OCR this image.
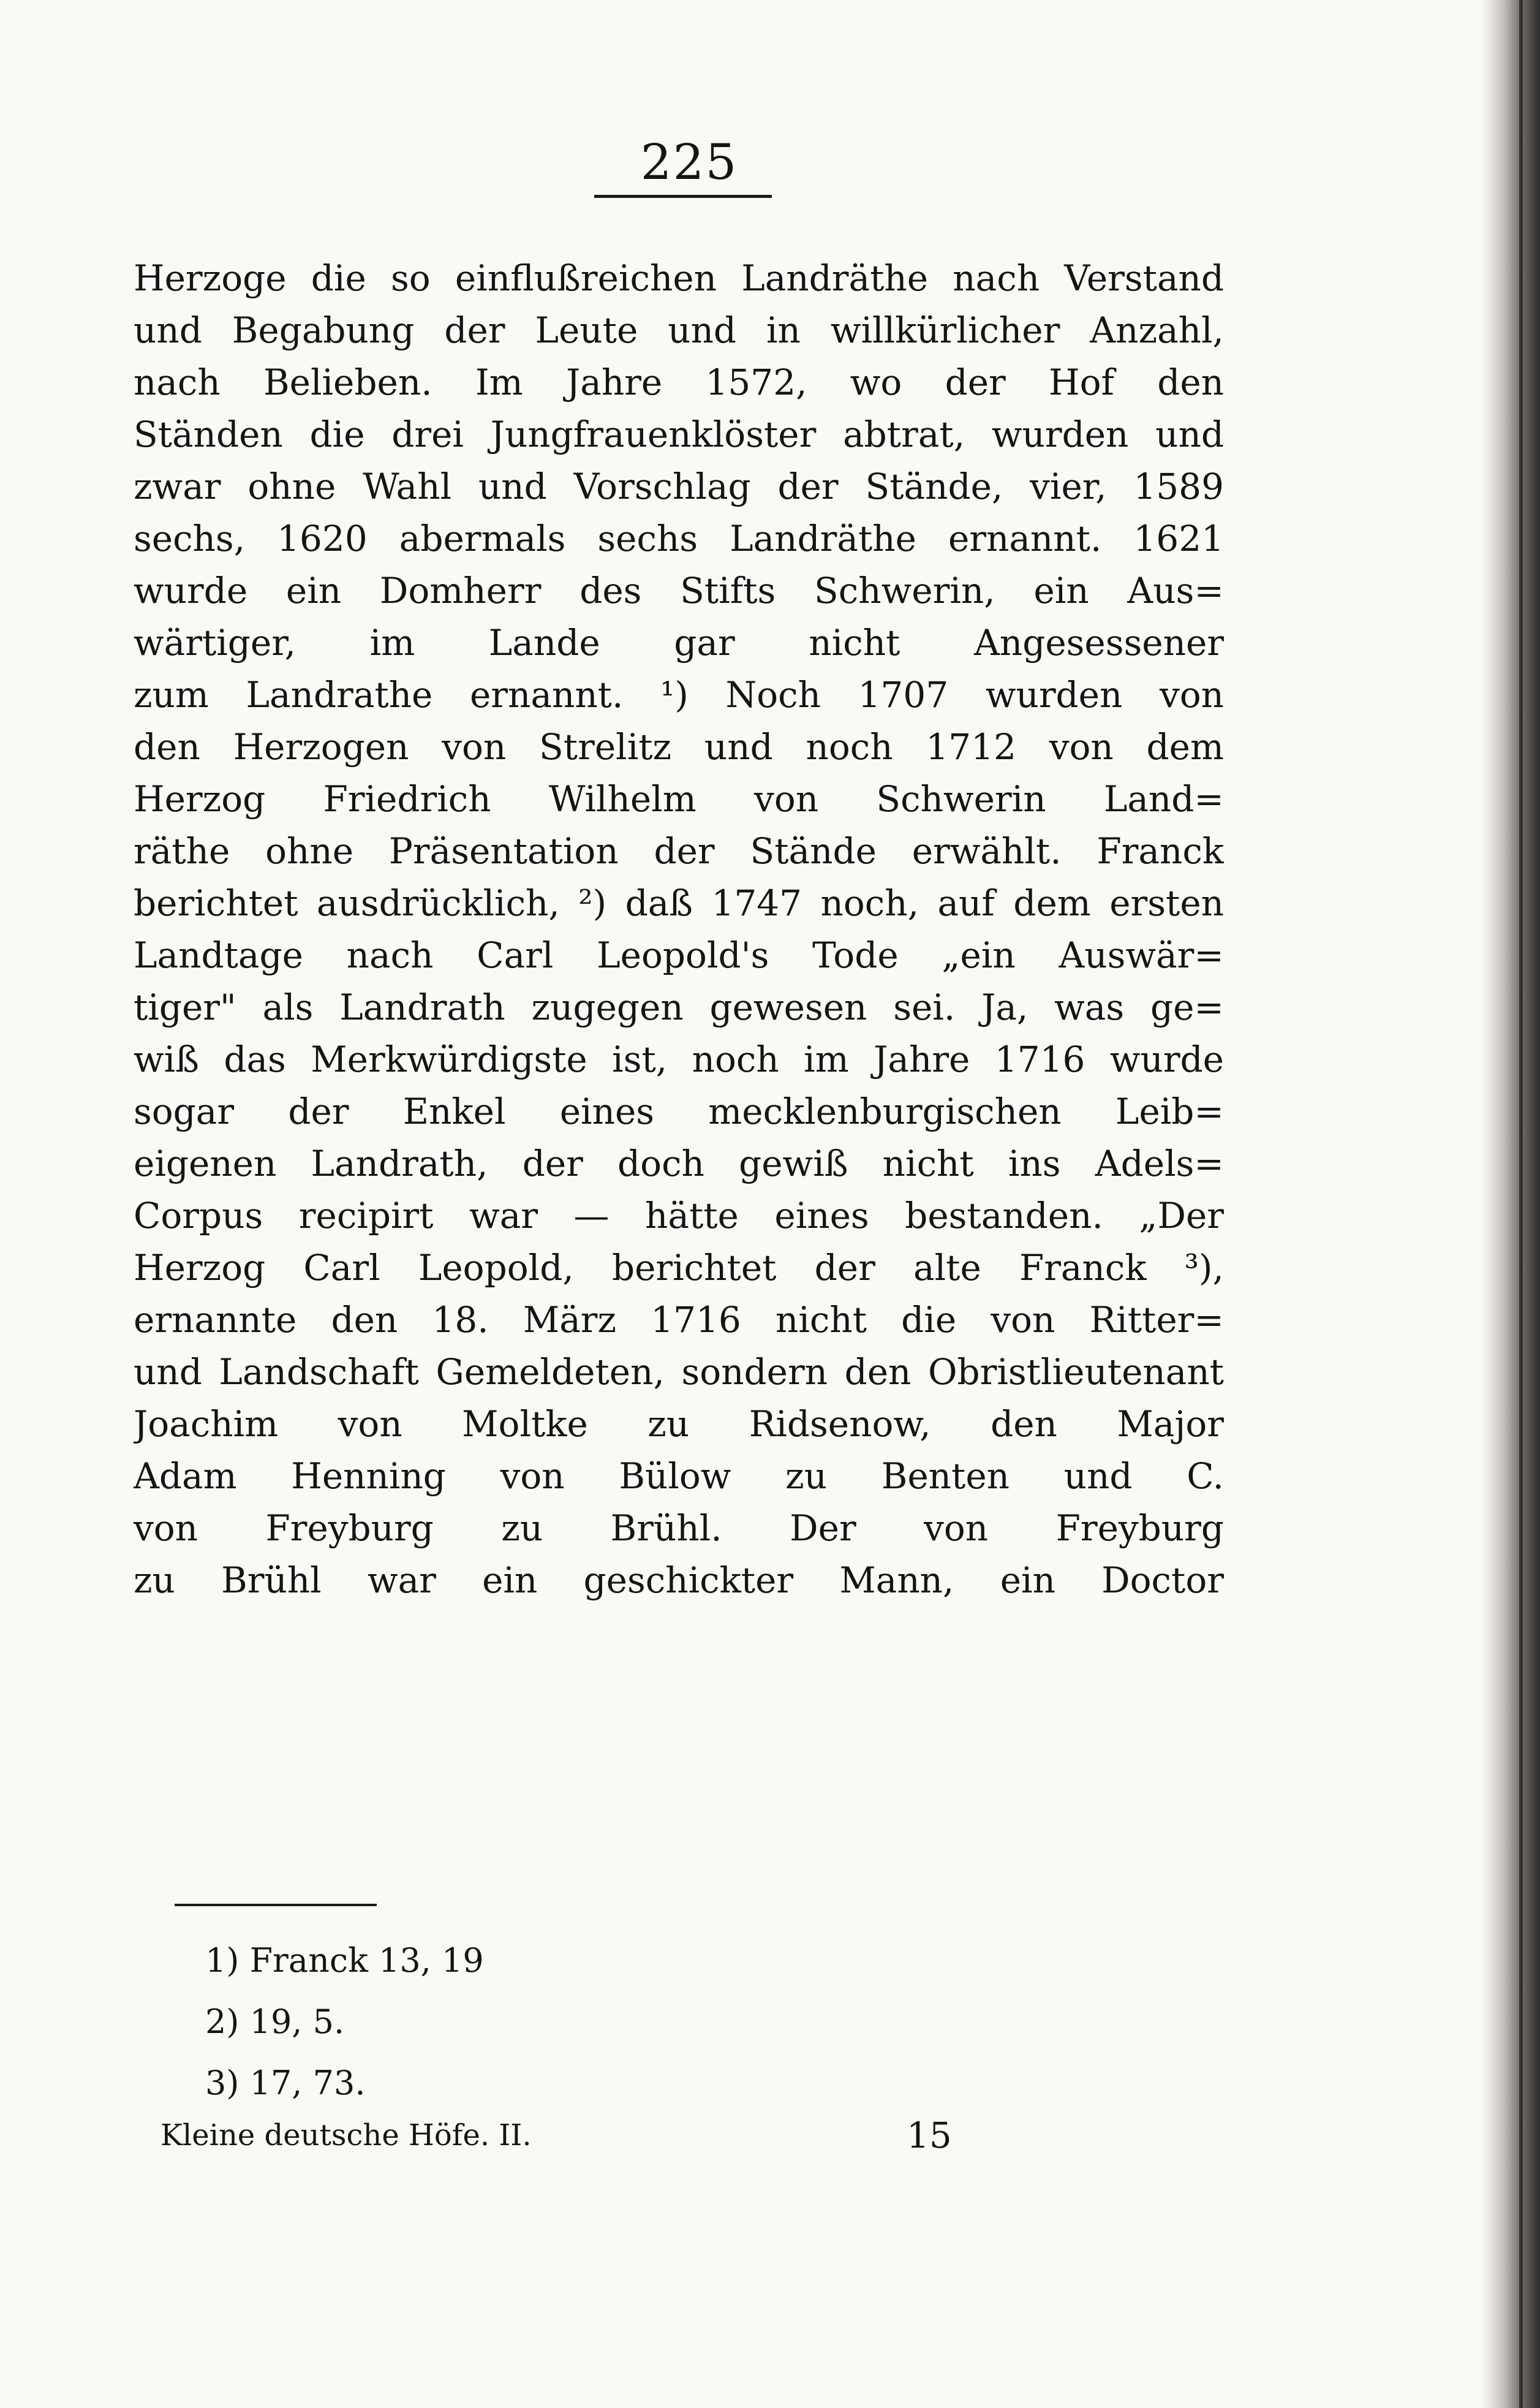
225
Herzoge die so einflußreichen Landräthe nach Verstand
und Begabung der Leute und in willkürlicher Anzahl,
nach Belieben. Im Jahre 1572, wo der Hof den
Ständen die drei Jungfrauenklöster abtrat, wurden und
zwar ohne Wahl und Vorschlag der Stände, vier, 1589
sechs, 1620 abermals sechs Landräthe ernannt. 1621
wurde ein Domherr des Stifts Schwerin, ein Aus=
wärtiger, im Lande gar nicht Angesessener
zum Landrathe ernannt. ¹) Noch 1707 wurden von
den Herzogen von Strelitz und noch 1712 von dem
Herzog Friedrich Wilhelm von Schwerin Land=
räthe ohne Präsentation der Stände erwählt. Franck
berichtet ausdrücklich, ²) daß 1747 noch, auf dem ersten
Landtage nach Carl Leopold's Tode „ein Auswär=
tiger" als Landrath zugegen gewesen sei. Ja, was ge=
wiß das Merkwürdigste ist, noch im Jahre 1716 wurde
sogar der Enkel eines mecklenburgischen Leib=
eigenen Landrath, der doch gewiß nicht ins Adels=
Corpus recipirt war — hätte eines bestanden. „Der
Herzog Carl Leopold, berichtet der alte Franck ³),
ernannte den 18. März 1716 nicht die von Ritter=
und Landschaft Gemeldeten, sondern den Obristlieutenant
Joachim von Moltke zu Ridsenow, den Major
Adam Henning von Bülow zu Benten und C.
von Freyburg zu Brühl. Der von Freyburg
zu Brühl war ein geschickter Mann, ein Doctor
1) Franck 13, 19
2) 19, 5.
3) 17, 73.
Kleine deutsche Höfe. II.	15
